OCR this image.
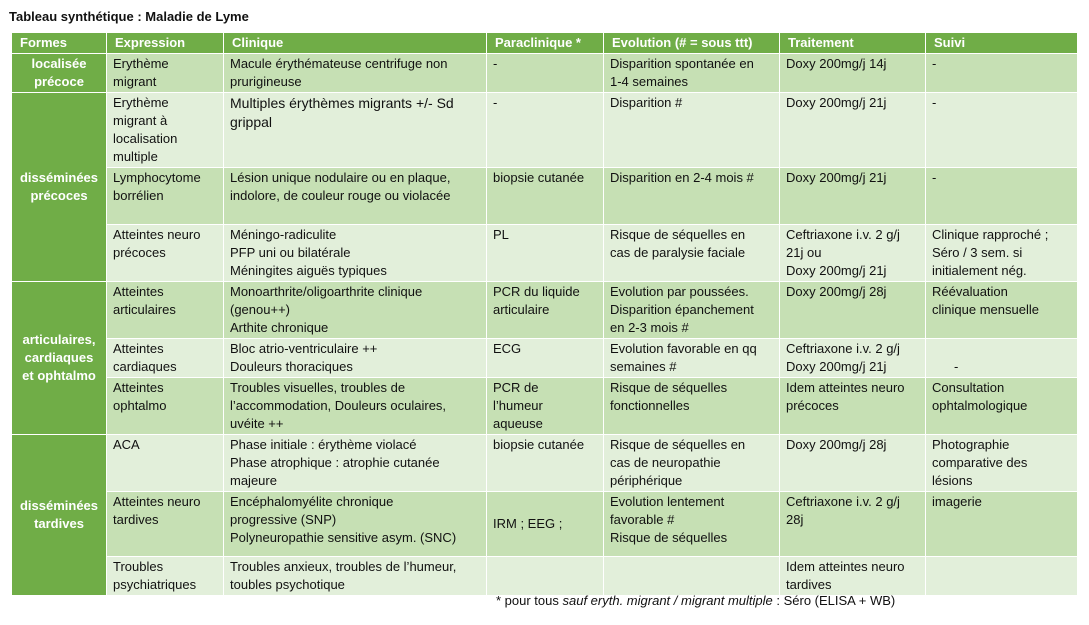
Tableau synthétique : Maladie de Lyme
Formes	Expression	Clinique	Paraclinique *	Evolution (# = sous ttt)	Traitement	Suivi

localisée
précoce	Erythème
migrant	Macule érythémateuse centrifuge non
prurigineuse	-	Disparition spontanée en
1-4 semaines	Doxy 200mg/j 14j	-

disséminées
précoces	Erythème
migrant à
localisation
multiple	Multiples érythèmes migrants +/- Sd
grippal	-	Disparition #	Doxy 200mg/j 21j	-

	Lymphocytome
borrélien	Lésion unique nodulaire ou en plaque,
indolore, de couleur rouge ou violacée	biopsie cutanée	Disparition en 2-4 mois #	Doxy 200mg/j 21j	-

	Atteintes neuro
précoces	Méningo-radiculite
PFP uni ou bilatérale
Méningites aiguës typiques	PL	Risque de séquelles en
cas de paralysie faciale	Ceftriaxone i.v. 2 g/j
21j ou
Doxy 200mg/j 21j	Clinique rapproché ;
Séro / 3 sem. si
initialement nég.

articulaires,
cardiaques
et ophtalmo	Atteintes
articulaires	Monoarthrite/oligoarthrite clinique
(genou++)
Arthite chronique	PCR du liquide
articulaire	Evolution par poussées.
Disparition épanchement
en 2-3 mois #	Doxy 200mg/j 28j	Réévaluation
clinique mensuelle

	Atteintes
cardiaques	Bloc atrio-ventriculaire ++
Douleurs thoraciques	ECG	Evolution favorable en qq
semaines #	Ceftriaxone i.v. 2 g/j
Doxy 200mg/j 21j	-

	Atteintes
ophtalmo	Troubles visuelles, troubles de
l’accommodation, Douleurs oculaires,
uvéite ++	PCR de
l’humeur
aqueuse	Risque de séquelles
fonctionnelles	Idem atteintes neuro
précoces	Consultation
ophtalmologique

disséminées
tardives	ACA	Phase initiale : érythème violacé
Phase atrophique : atrophie cutanée
majeure	biopsie cutanée	Risque de séquelles en
cas de neuropathie
périphérique	Doxy 200mg/j 28j	Photographie
comparative des
lésions

	Atteintes neuro
tardives	Encéphalomyélite chronique
progressive (SNP)
Polyneuropathie sensitive asym. (SNC)	IRM ; EEG ;	Evolution lentement
favorable #
Risque de séquelles	Ceftriaxone i.v. 2 g/j
28j	imagerie

	Troubles
psychiatriques	Troubles anxieux, troubles de l’humeur,
toubles psychotique			Idem atteintes neuro
tardives	

* pour tous sauf eryth. migrant / migrant multiple : Séro (ELISA + WB)
